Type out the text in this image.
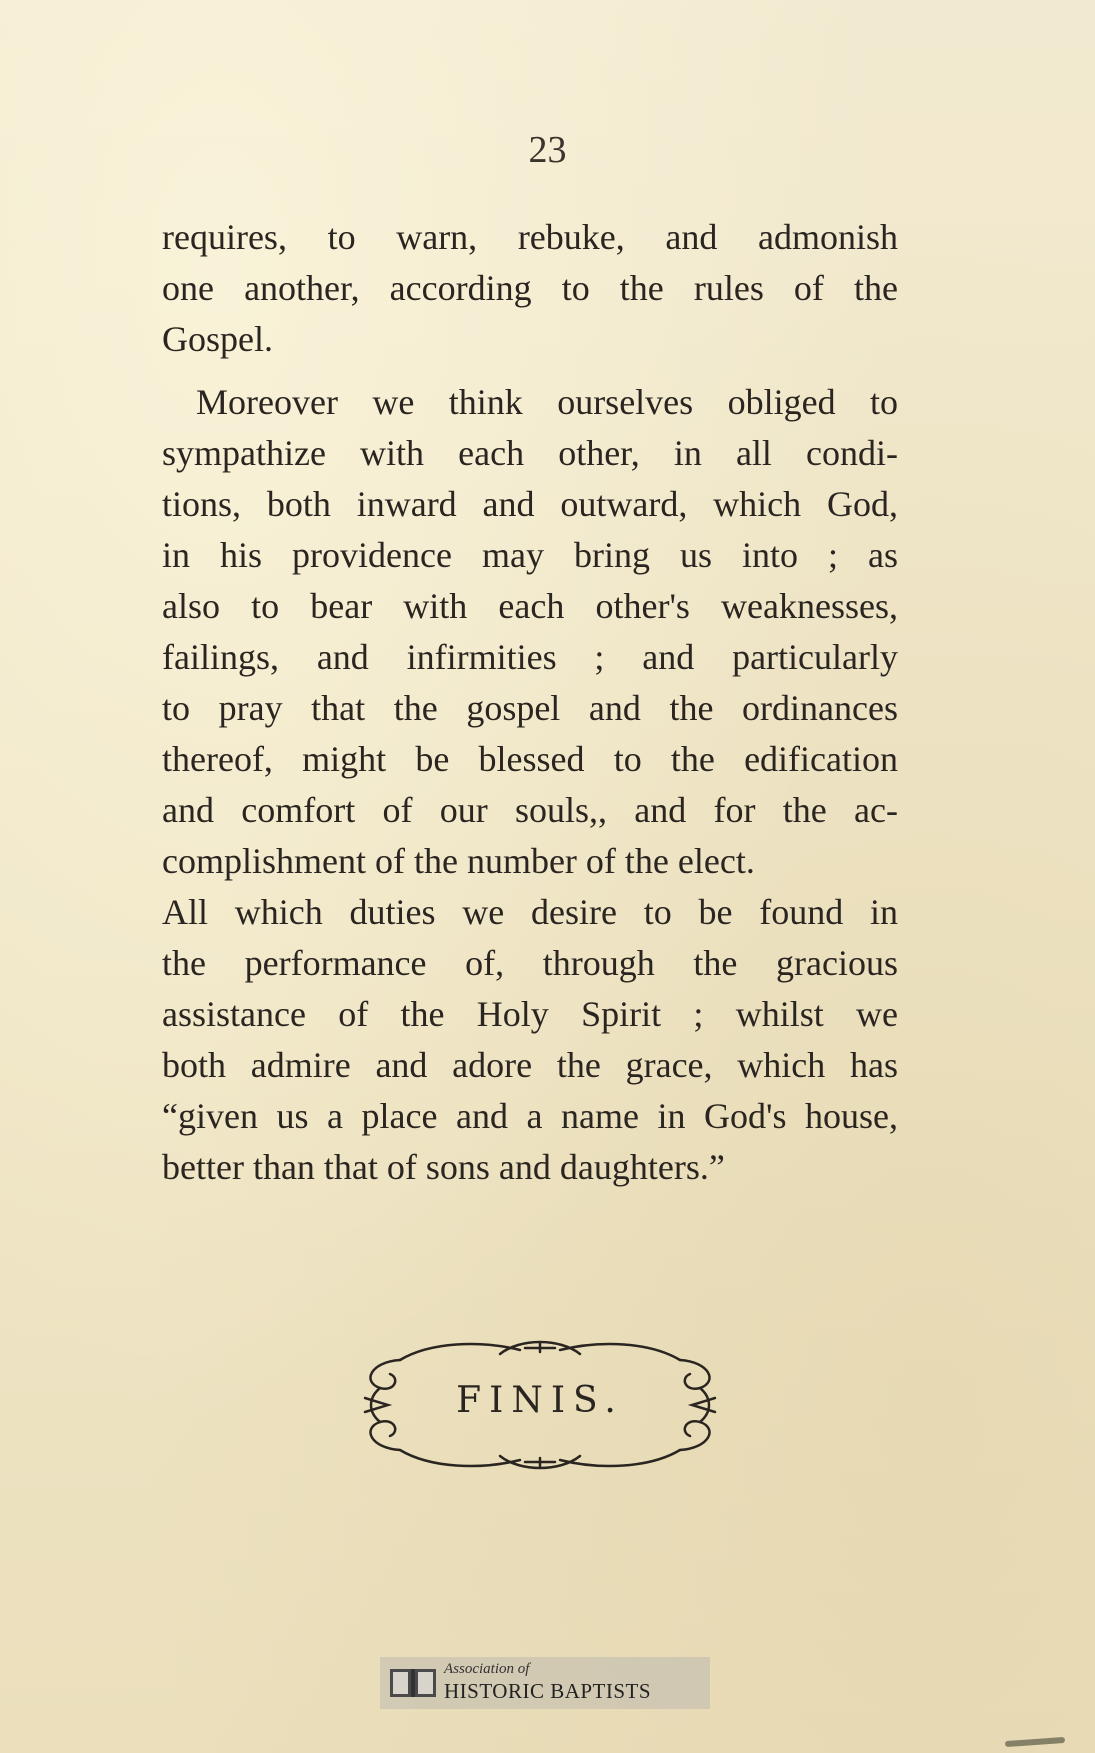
23

requires, to warn, rebuke, and admonish
one another, according to the rules of the
Gospel.

Moreover we think ourselves obliged to
sympathize with each other, in all condi-
tions, both inward and outward, which God,
in his providence may bring us into ; as
also to bear with each other's weaknesses,
failings, and infirmities ; and particularly
to pray that the gospel and the ordinances
thereof, might be blessed to the edification
and comfort of our souls,, and for the ac-
complishment of the number of the elect.
All which duties we desire to be found in
the performance of, through the gracious
assistance of the Holy Spirit ; whilst we
both admire and adore the grace, which has
“given us a place and a name in God's house,
better than that of sons and daughters.”

FINIS.
Association of
HISTORIC BAPTISTS
